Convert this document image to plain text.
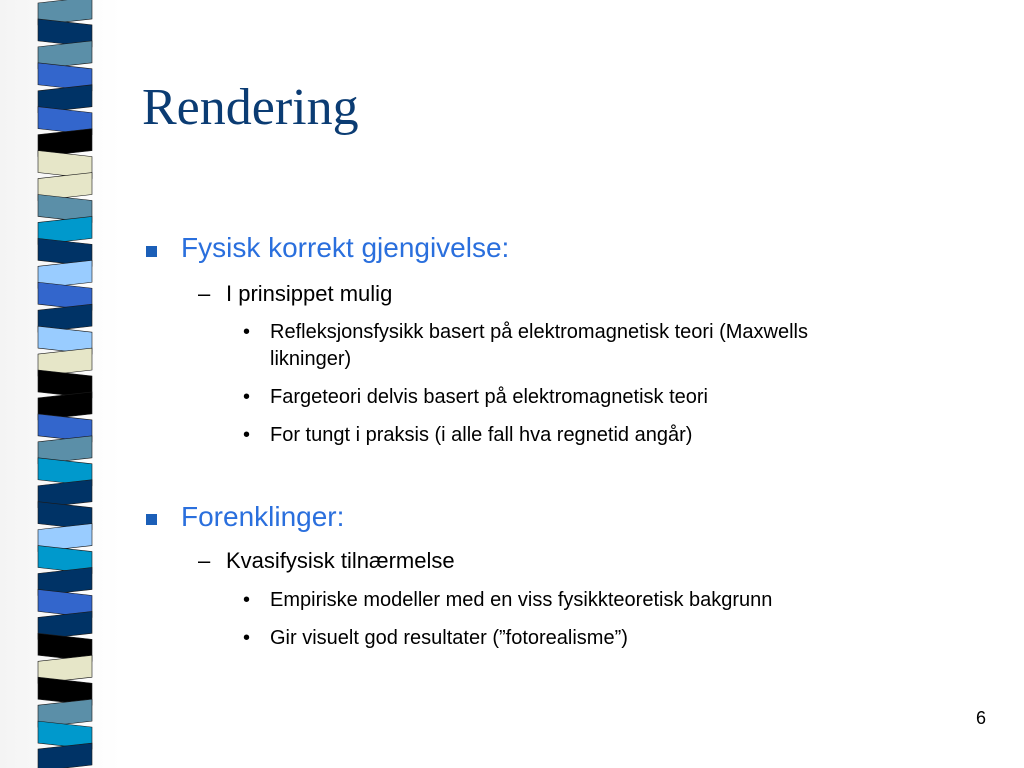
Rendering
Fysisk korrekt gjengivelse:
– I prinsippet mulig
• Refleksjonsfysikk basert på elektromagnetisk teori (Maxwells
likninger)
• Fargeteori delvis basert på elektromagnetisk teori
• For tungt i praksis (i alle fall hva regnetid angår)
Forenklinger:
– Kvasifysisk tilnærmelse
• Empiriske modeller med en viss fysikkteoretisk bakgrunn
• Gir visuelt god resultater (”fotorealisme”)
6
